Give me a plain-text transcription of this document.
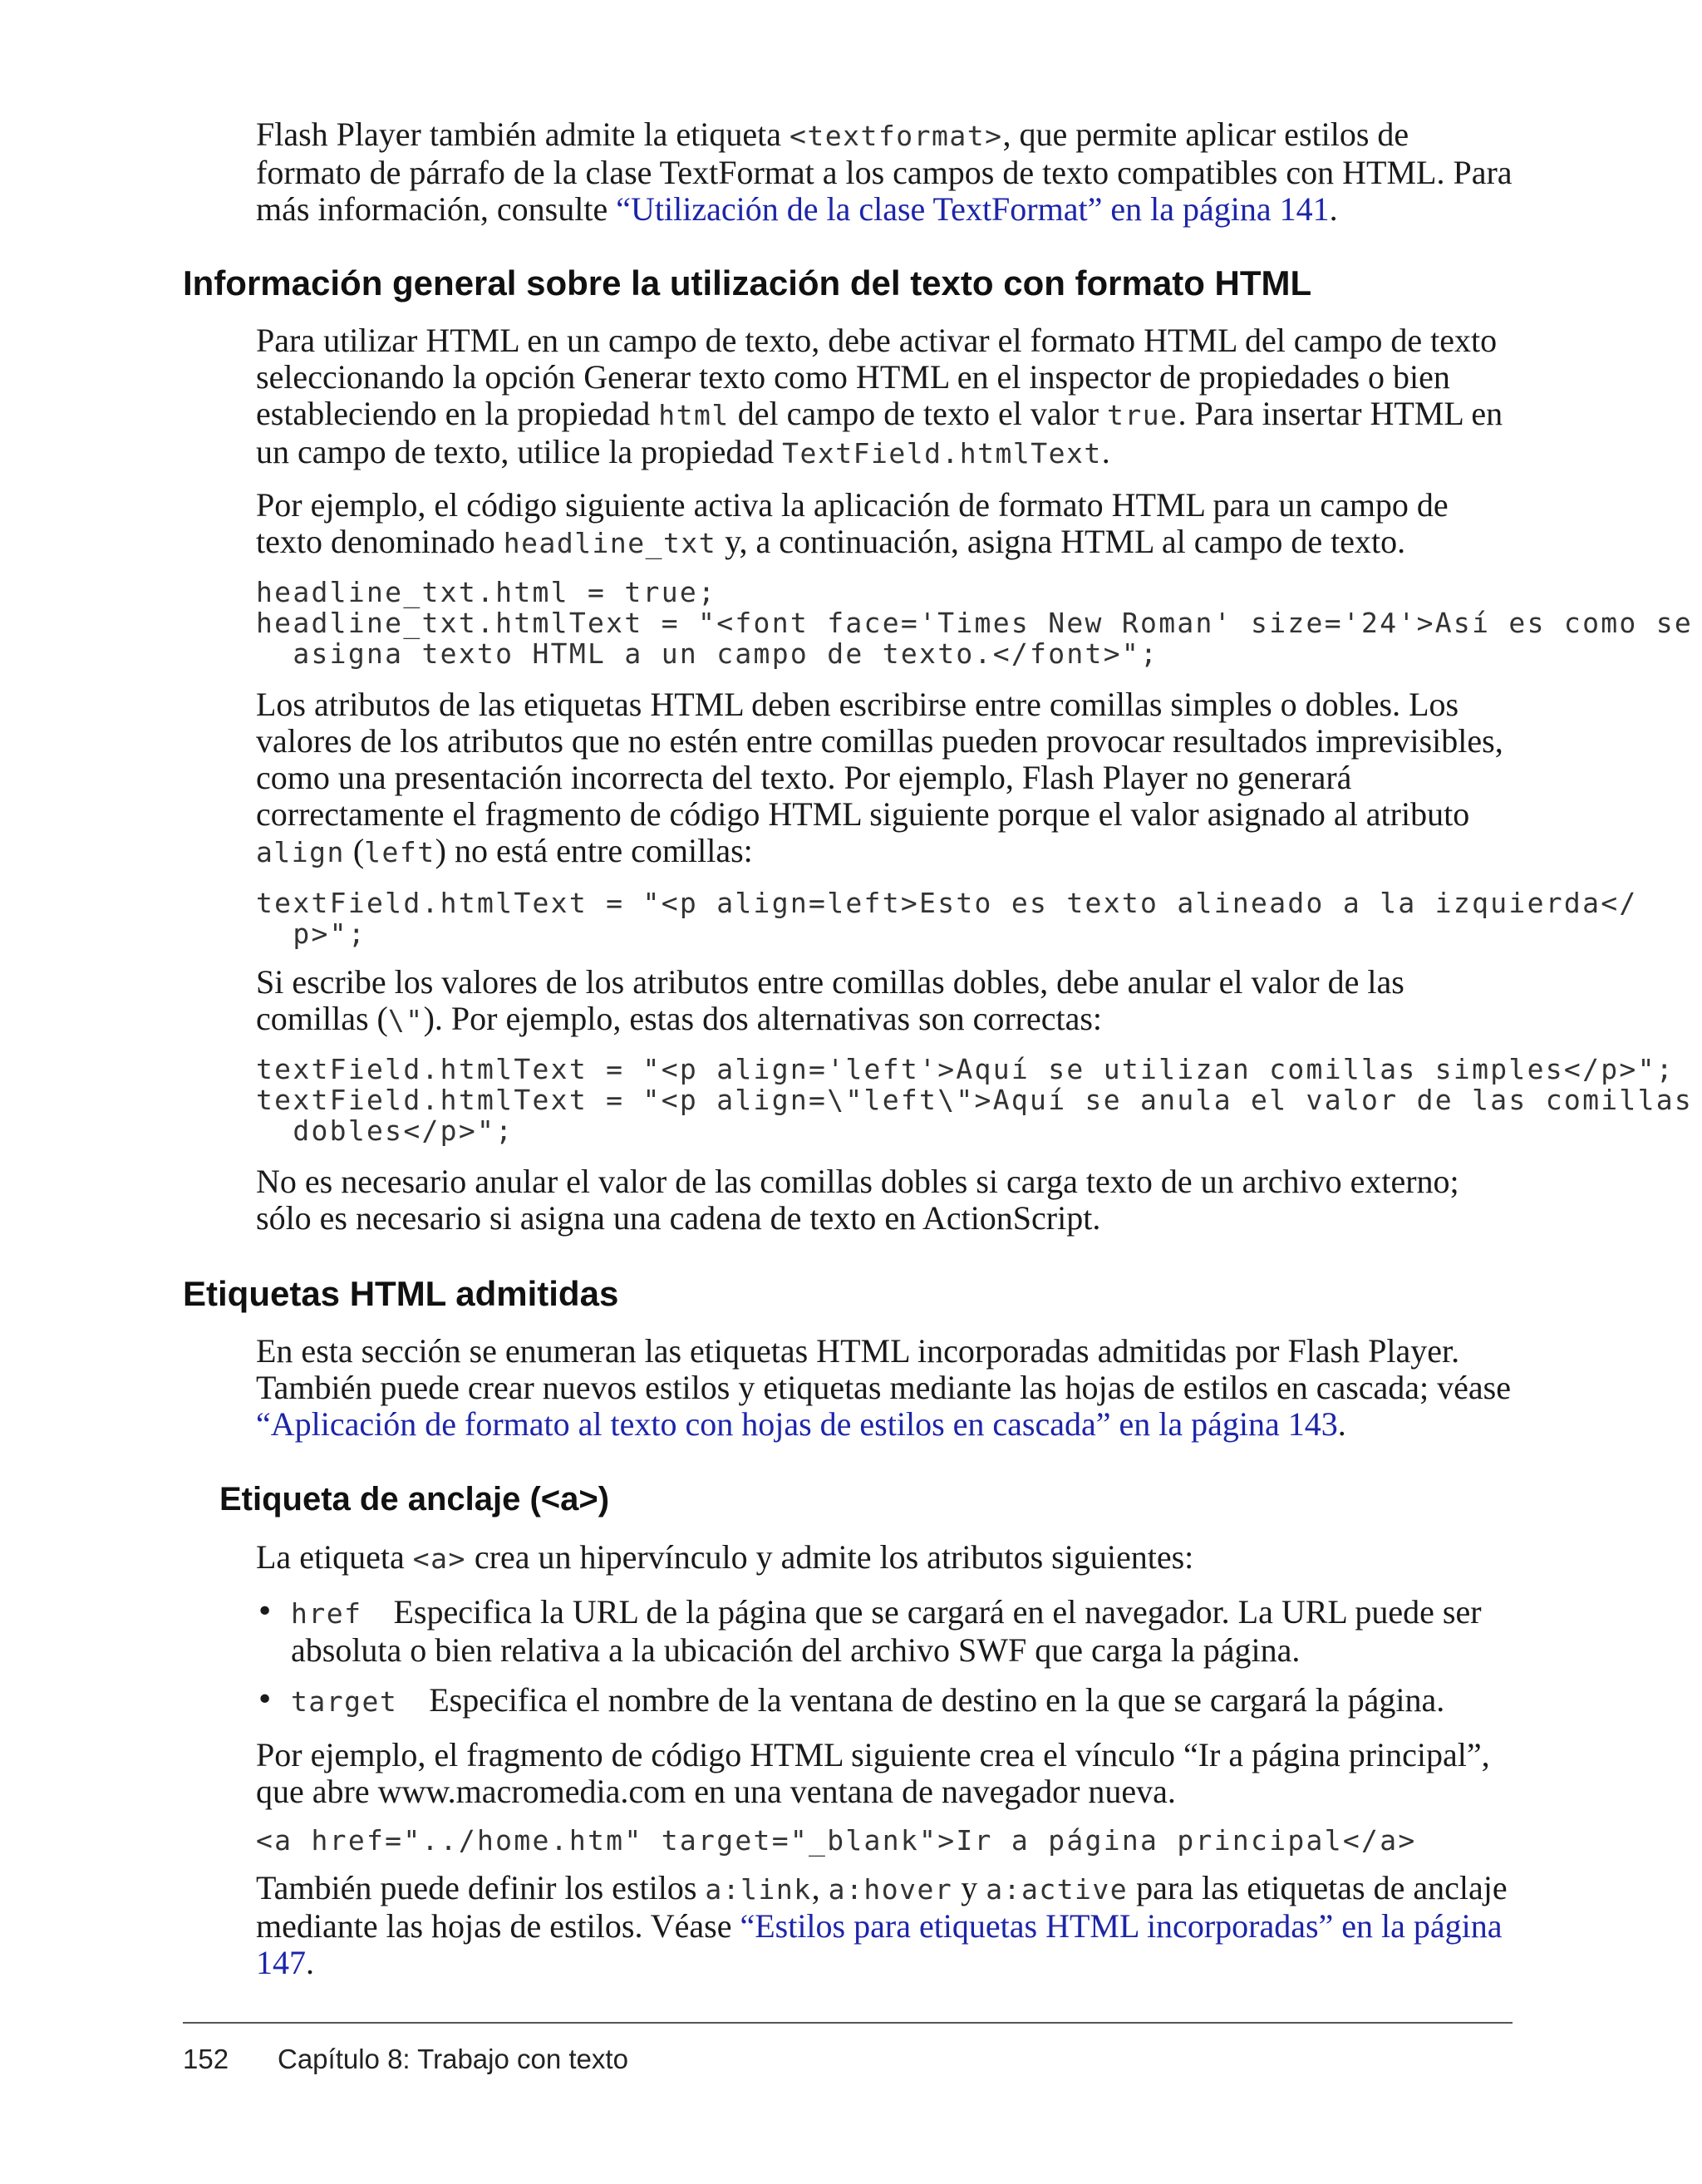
Flash Player también admite la etiqueta <textformat>, que permite aplicar estilos de formato de párrafo de la clase TextFormat a los campos de texto compatibles con HTML. Para más información, consulte “Utilización de la clase TextFormat” en la página 141.

Información general sobre la utilización del texto con formato HTML

Para utilizar HTML en un campo de texto, debe activar el formato HTML del campo de texto seleccionando la opción Generar texto como HTML en el inspector de propiedades o bien estableciendo en la propiedad html del campo de texto el valor true. Para insertar HTML en un campo de texto, utilice la propiedad TextField.htmlText.

Por ejemplo, el código siguiente activa la aplicación de formato HTML para un campo de texto denominado headline_txt y, a continuación, asigna HTML al campo de texto.

headline_txt.html = true;
headline_txt.htmlText = "<font face='Times New Roman' size='24'>Así es como se
asigna texto HTML a un campo de texto.</font>";

Los atributos de las etiquetas HTML deben escribirse entre comillas simples o dobles. Los valores de los atributos que no estén entre comillas pueden provocar resultados imprevisibles, como una presentación incorrecta del texto. Por ejemplo, Flash Player no generará correctamente el fragmento de código HTML siguiente porque el valor asignado al atributo align (left) no está entre comillas:

textField.htmlText = "<p align=left>Esto es texto alineado a la izquierda</
p>";

Si escribe los valores de los atributos entre comillas dobles, debe anular el valor de las comillas (\"). Por ejemplo, estas dos alternativas son correctas:

textField.htmlText = "<p align='left'>Aquí se utilizan comillas simples</p>";
textField.htmlText = "<p align=\"left\">Aquí se anula el valor de las comillas
dobles</p>";

No es necesario anular el valor de las comillas dobles si carga texto de un archivo externo; sólo es necesario si asigna una cadena de texto en ActionScript.

Etiquetas HTML admitidas

En esta sección se enumeran las etiquetas HTML incorporadas admitidas por Flash Player. También puede crear nuevos estilos y etiquetas mediante las hojas de estilos en cascada; véase “Aplicación de formato al texto con hojas de estilos en cascada” en la página 143.

Etiqueta de anclaje (<a>)

La etiqueta <a> crea un hipervínculo y admite los atributos siguientes:

• href Especifica la URL de la página que se cargará en el navegador. La URL puede ser absoluta o bien relativa a la ubicación del archivo SWF que carga la página.
• target Especifica el nombre de la ventana de destino en la que se cargará la página.

Por ejemplo, el fragmento de código HTML siguiente crea el vínculo “Ir a página principal”, que abre www.macromedia.com en una ventana de navegador nueva.

<a href="../home.htm" target="_blank">Ir a página principal</a>

También puede definir los estilos a:link, a:hover y a:active para las etiquetas de anclaje mediante las hojas de estilos. Véase “Estilos para etiquetas HTML incorporadas” en la página 147.

152 Capítulo 8: Trabajo con texto
